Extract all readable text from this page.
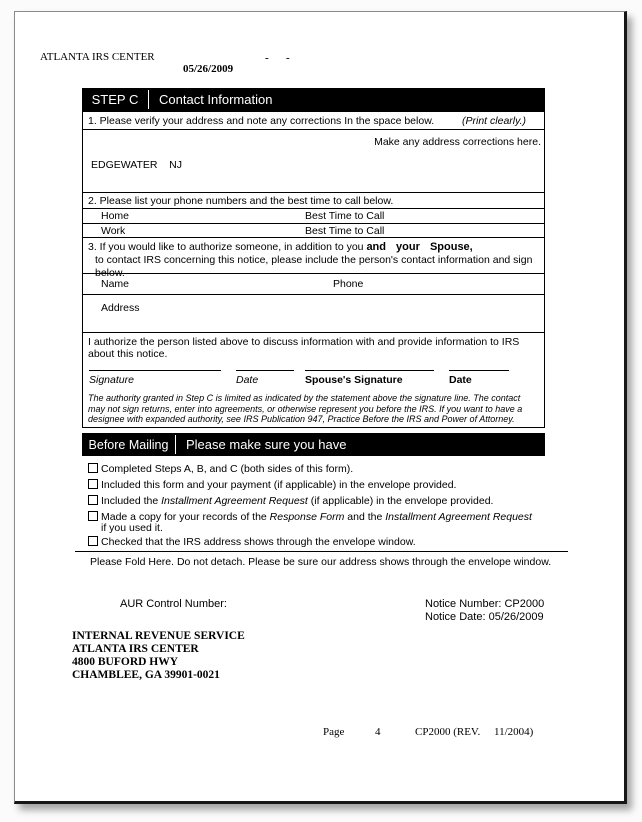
ATLANTA IRS CENTER	- -
05/26/2009
STEP C	Contact Information
1. Please verify your address and note any corrections In the space below.	(Print clearly.)
Make any address corrections here.
EDGEWATER    NJ
2. Please list your phone numbers and the best time to call below.
Home	Best Time to Call
Work	Best Time to Call
3. If you would like to authorize someone, in addition to you and your Spouse,
to contact IRS concerning this notice, please include the person's contact information and sign below.
Name	Phone
Address
I authorize the person listed above to discuss information with and provide information to IRS about this notice.
Signature	Date	Spouse's Signature	Date
The authority granted in Step C is limited as indicated by the statement above the signature line. The contact may not sign returns, enter into agreements, or otherwise represent you before the IRS. If you want to have a designee with expanded authority, see IRS Publication 947, Practice Before the IRS and Power of Attorney.
Before Mailing	Please make sure you have
Completed Steps A, B, and C (both sides of this form).
Included this form and your payment (if applicable) in the envelope provided.
Included the Installment Agreement Request (if applicable) in the envelope provided.
Made a copy for your records of the Response Form and the Installment Agreement Request
if you used it.
Checked that the IRS address shows through the envelope window.
Please Fold Here. Do not detach. Please be sure our address shows through the envelope window.
AUR Control Number:	Notice Number: CP2000
Notice Date: 05/26/2009
INTERNAL REVENUE SERVICE
ATLANTA IRS CENTER
4800 BUFORD HWY
CHAMBLEE, GA 39901-0021
Page	4	CP2000 (REV. 11/2004)
